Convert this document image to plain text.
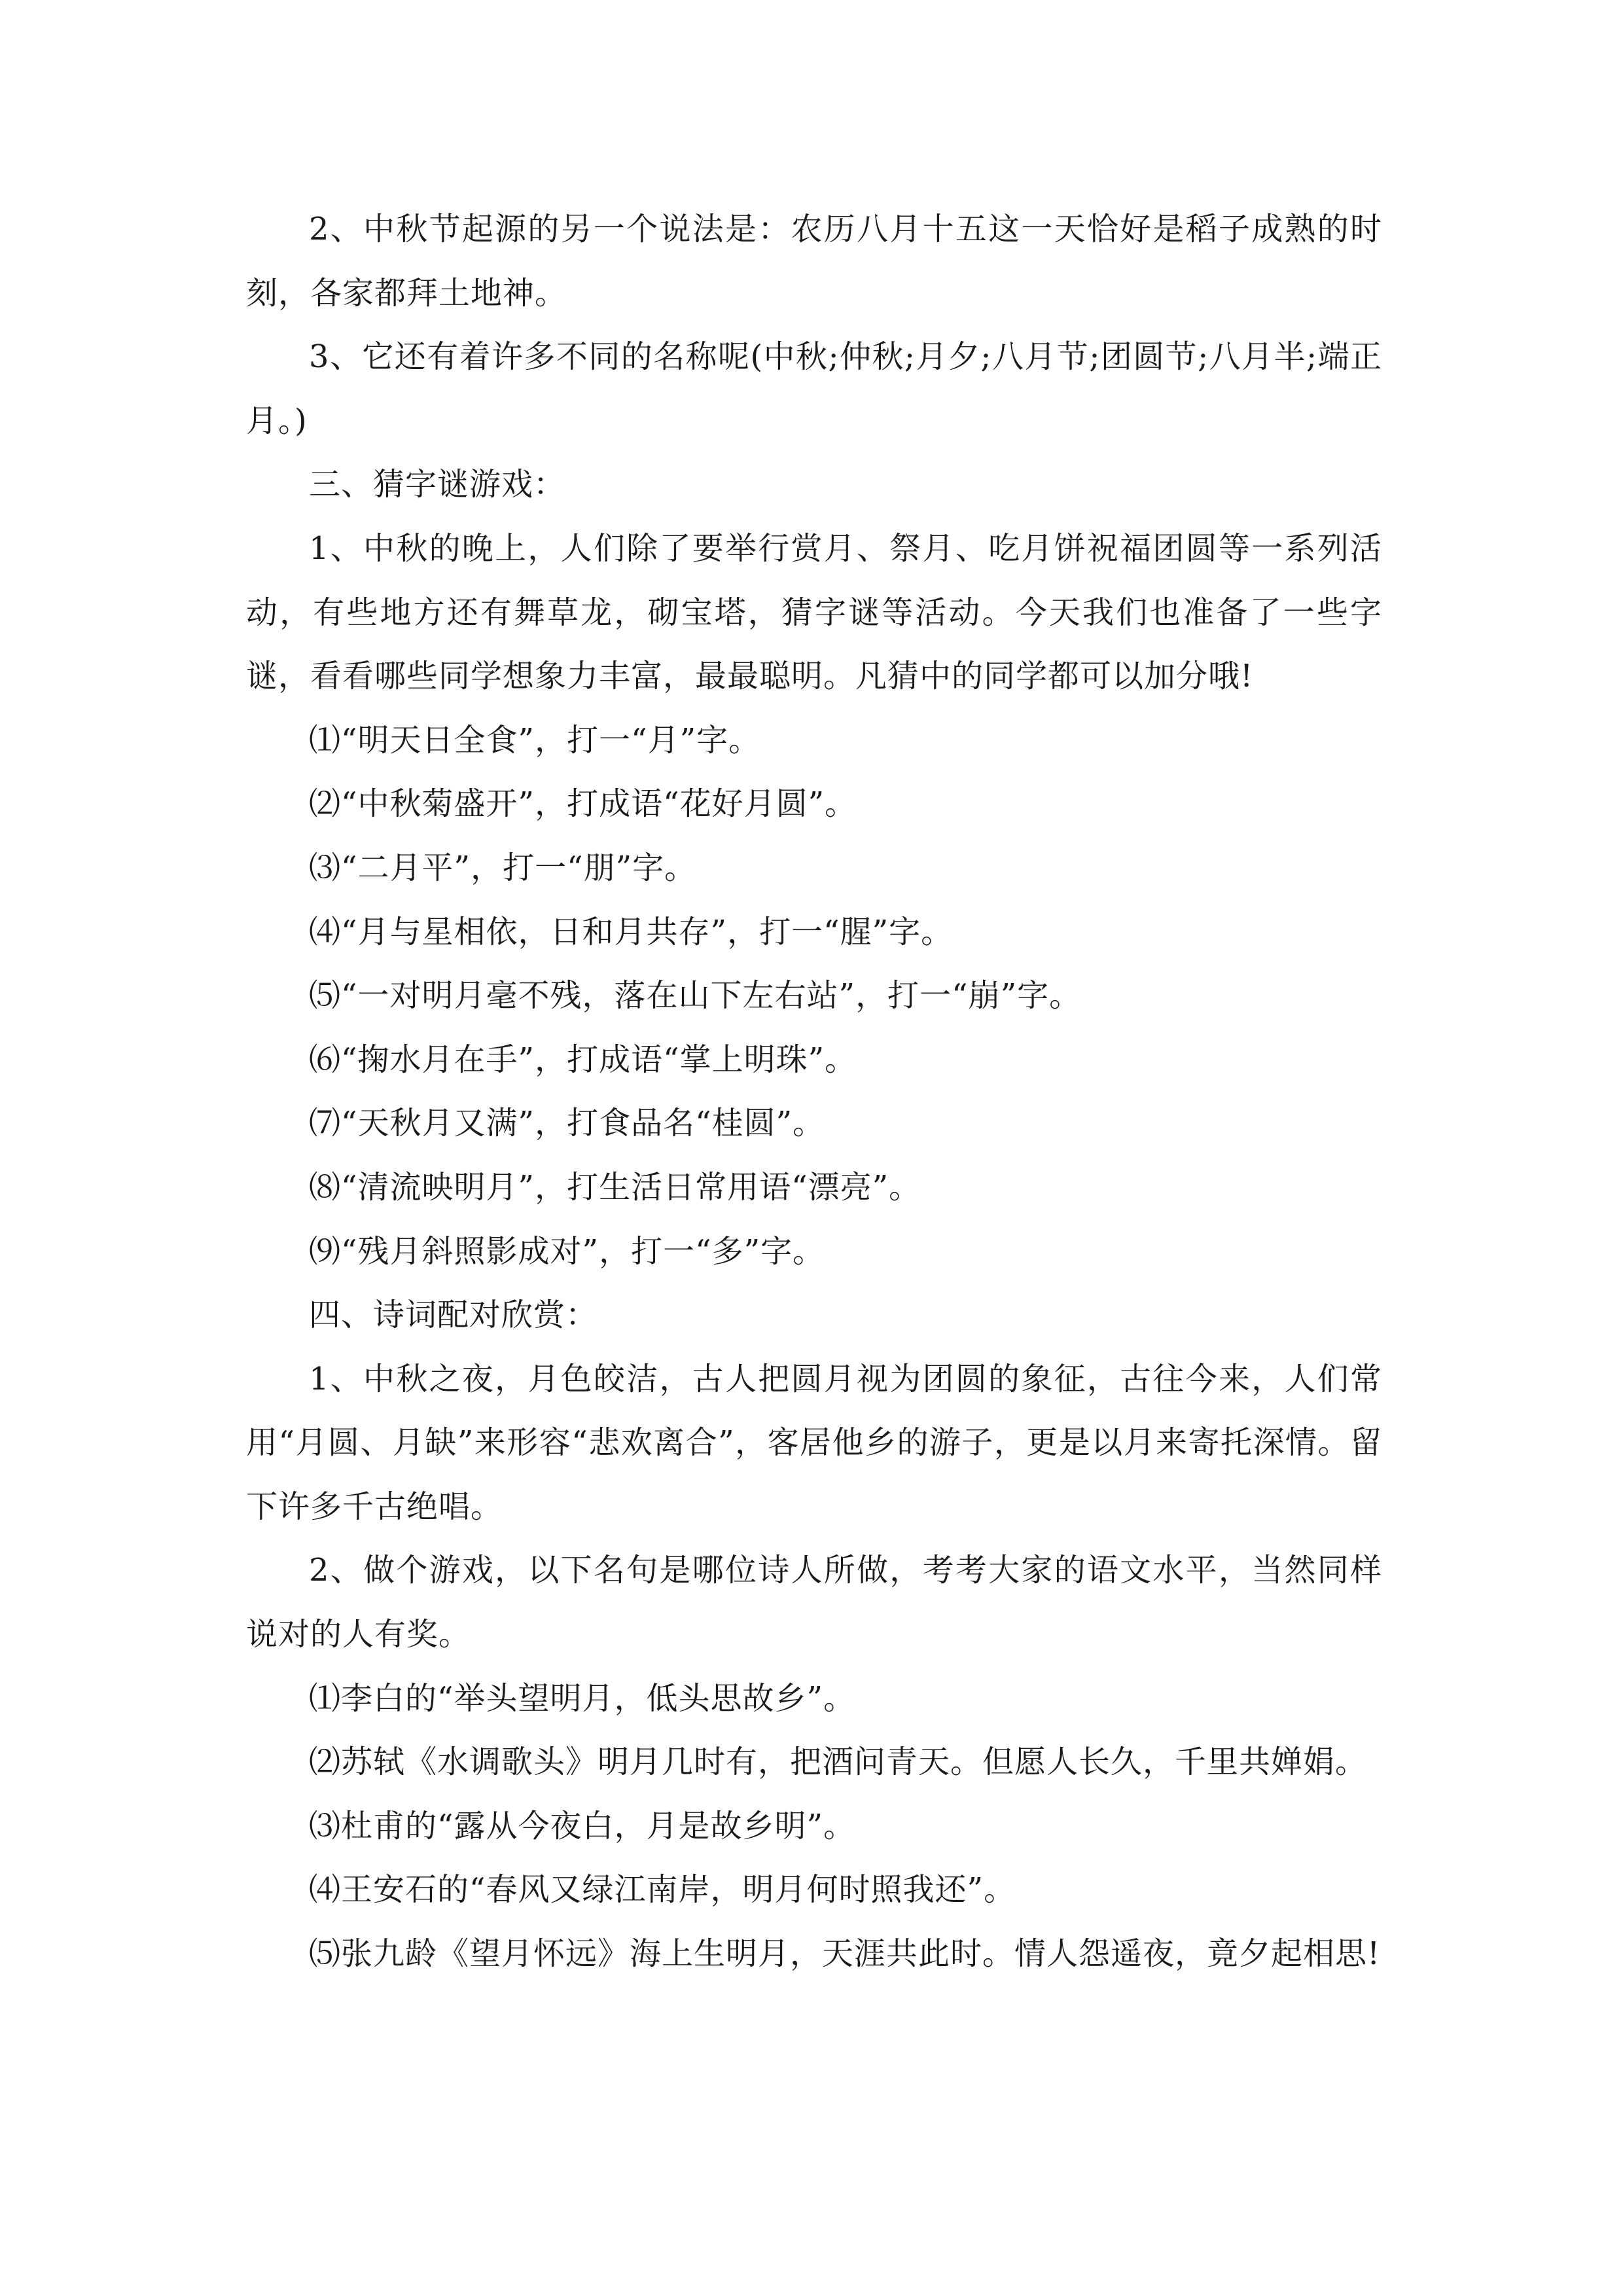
2、中秋节起源的另一个说法是：农历八月十五这一天恰好是稻子成熟的时刻，各家都拜土地神。

3、它还有着许多不同的名称呢(中秋;仲秋;月夕;八月节;团圆节;八月半;端正月。)

三、猜字谜游戏：

1、中秋的晚上，人们除了要举行赏月、祭月、吃月饼祝福团圆等一系列活动，有些地方还有舞草龙，砌宝塔，猜字谜等活动。今天我们也准备了一些字谜，看看哪些同学想象力丰富，最最聪明。凡猜中的同学都可以加分哦!

⑴“明天日全食”，打一“月”字。

⑵“中秋菊盛开”，打成语“花好月圆”。

⑶“二月平”，打一“朋”字。

⑷“月与星相依，日和月共存”，打一“腥”字。

⑸“一对明月毫不残，落在山下左右站”，打一“崩”字。

⑹“掬水月在手”，打成语“掌上明珠”。

⑺“天秋月又满”，打食品名“桂圆”。

⑻“清流映明月”，打生活日常用语“漂亮”。

⑼“残月斜照影成对”，打一“多”字。

四、诗词配对欣赏：

1、中秋之夜，月色皎洁，古人把圆月视为团圆的象征，古往今来，人们常用“月圆、月缺”来形容“悲欢离合”，客居他乡的游子，更是以月来寄托深情。留下许多千古绝唱。

2、做个游戏，以下名句是哪位诗人所做，考考大家的语文水平，当然同样说对的人有奖。

⑴李白的“举头望明月，低头思故乡”。

⑵苏轼《水调歌头》明月几时有，把酒问青天。但愿人长久，千里共婵娟。

⑶杜甫的“露从今夜白，月是故乡明”。

⑷王安石的“春风又绿江南岸，明月何时照我还”。

⑸张九龄《望月怀远》海上生明月，天涯共此时。情人怨遥夜，竟夕起相思!
